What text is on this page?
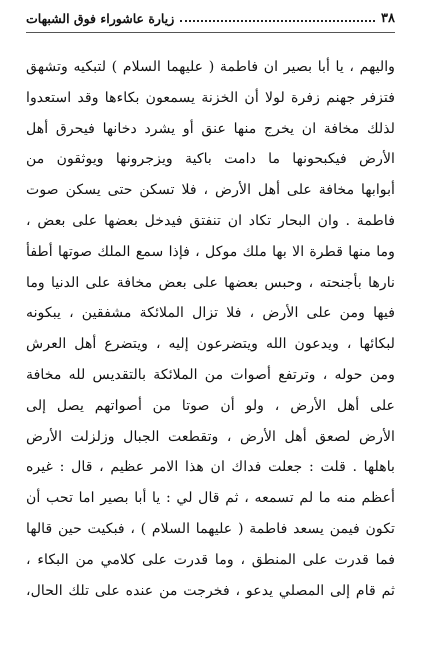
٣٨
زيارة عاشوراء فوق الشبهات
واليهم ، يا أبا بصير ان فاطمة ( عليهما السلام ) لتبكيه وتشهق
فتزفر جهنم زفرة لولا أن الخزنة يسمعون بكاءها وقد استعدوا
لذلك مخافة ان يخرج منها عنق أو يشرد دخانها فيحرق أهل
الأرض فيكبحونها ما دامت باكية ويزجرونها ويوثقون من
أبوابها مخافة على أهل الأرض ، فلا تسكن حتى يسكن صوت
فاطمة . وان البحار تكاد ان تنفتق فيدخل بعضها على بعض ،
وما منها قطرة الا بها ملك موكل ، فإذا سمع الملك صوتها أطفأ
نارها بأجنحته ، وحبس بعضها على بعض مخافة على الدنيا وما
فيها ومن على الأرض ، فلا تزال الملائكة مشفقين ، يبكونه
لبكائها ، ويدعون الله ويتضرعون إليه ، ويتضرع أهل العرش
ومن حوله ، وترتفع أصوات من الملائكة بالتقديس لله مخافة
على أهل الأرض ، ولو أن صوتا من أصواتهم يصل إلى
الأرض لصعق أهل الأرض ، وتقطعت الجبال وزلزلت الأرض
باهلها . قلت : جعلت فداك ان هذا الامر عظيم ، قال : غيره
أعظم منه ما لم تسمعه ، ثم قال لي : يا أبا بصير اما تحب أن
تكون فيمن يسعد فاطمة ( عليهما السلام ) ، فبكيت حين قالها
فما قدرت على المنطق ، وما قدرت على كلامي من البكاء ،
ثم قام إلى المصلي يدعو ، فخرجت من عنده على تلك الحال،
